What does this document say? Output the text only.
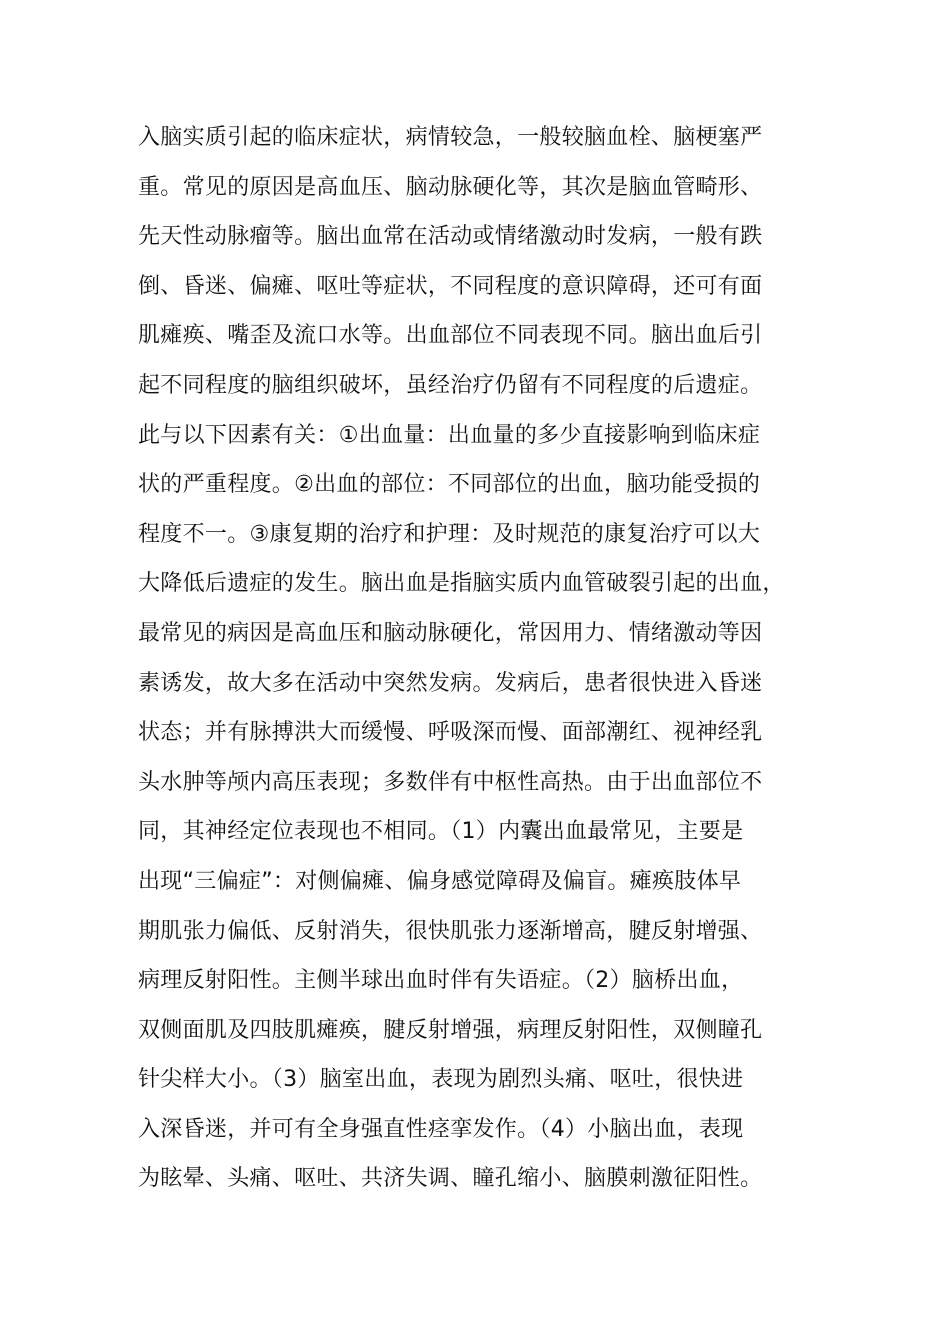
入脑实质引起的临床症状，病情较急，一般较脑血栓、脑梗塞严
重。常见的原因是高血压、脑动脉硬化等，其次是脑血管畸形、
先天性动脉瘤等。脑出血常在活动或情绪激动时发病，一般有跌
倒、昏迷、偏瘫、呕吐等症状，不同程度的意识障碍，还可有面
肌瘫痪、嘴歪及流口水等。出血部位不同表现不同。脑出血后引
起不同程度的脑组织破坏，虽经治疗仍留有不同程度的后遗症。
此与以下因素有关：①出血量：出血量的多少直接影响到临床症
状的严重程度。②出血的部位：不同部位的出血，脑功能受损的
程度不一。③康复期的治疗和护理：及时规范的康复治疗可以大
大降低后遗症的发生。脑出血是指脑实质内血管破裂引起的出血，
最常见的病因是高血压和脑动脉硬化，常因用力、情绪激动等因
素诱发，故大多在活动中突然发病。发病后，患者很快进入昏迷
状态；并有脉搏洪大而缓慢、呼吸深而慢、面部潮红、视神经乳
头水肿等颅内高压表现；多数伴有中枢性高热。由于出血部位不
同，其神经定位表现也不相同。（1）内囊出血最常见，主要是
出现“三偏症”：对侧偏瘫、偏身感觉障碍及偏盲。瘫痪肢体早
期肌张力偏低、反射消失，很快肌张力逐渐增高，腱反射增强、
病理反射阳性。主侧半球出血时伴有失语症。（2）脑桥出血，
双侧面肌及四肢肌瘫痪，腱反射增强，病理反射阳性，双侧瞳孔
针尖样大小。（3）脑室出血，表现为剧烈头痛、呕吐，很快进
入深昏迷，并可有全身强直性痉挛发作。（4）小脑出血，表现
为眩晕、头痛、呕吐、共济失调、瞳孔缩小、脑膜刺激征阳性。
